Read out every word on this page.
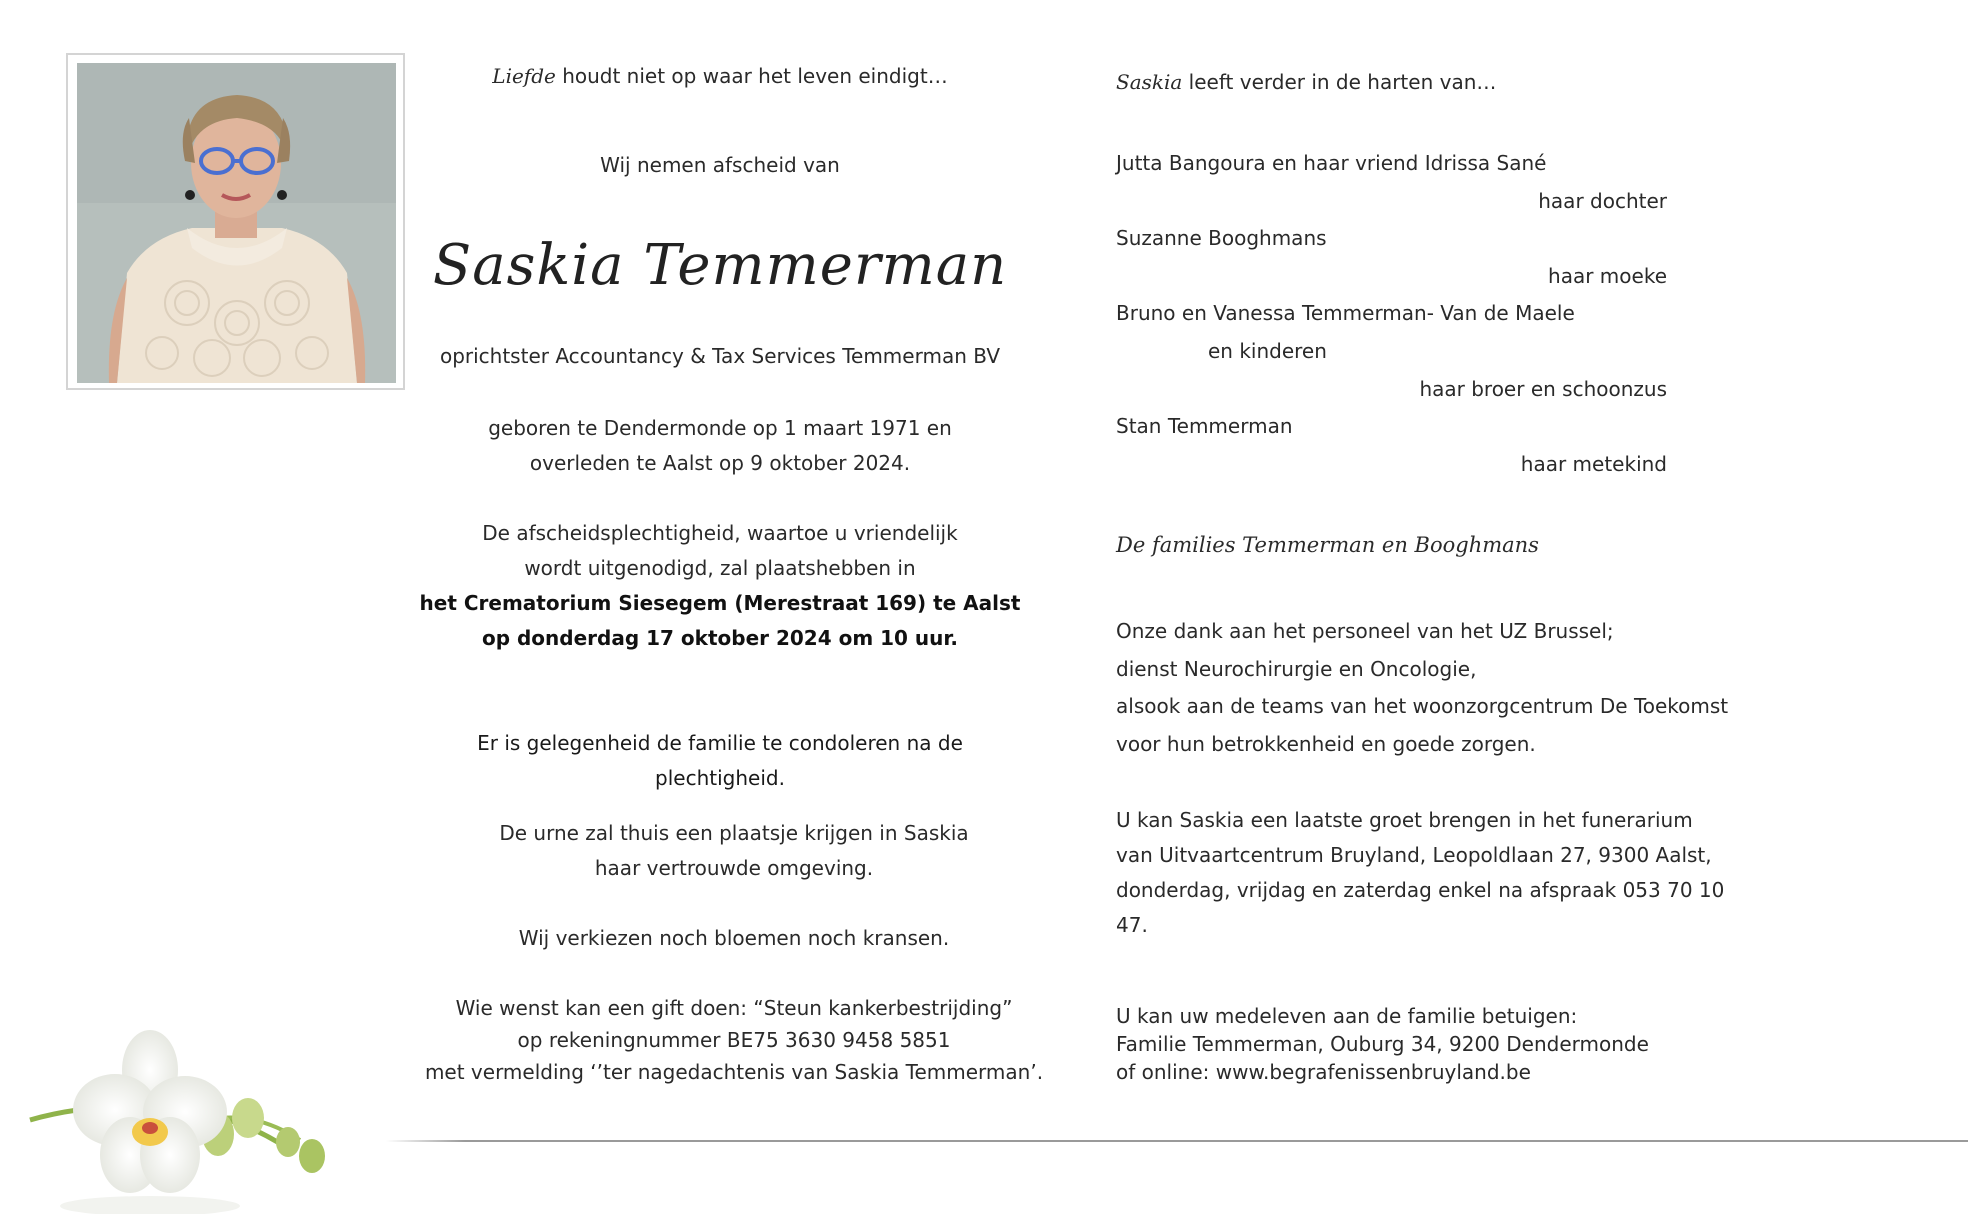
Liefde houdt niet op waar het leven eindigt…
Wij nemen afscheid van
Saskia Temmerman
oprichtster Accountancy & Tax Services Temmerman BV
geboren te Dendermonde op 1 maart 1971 en
overleden te Aalst op 9 oktober 2024.
De afscheidsplechtigheid, waartoe u vriendelijk
wordt uitgenodigd, zal plaatshebben in
het Crematorium Siesegem (Merestraat 169) te Aalst
op donderdag 17 oktober 2024 om 10 uur.
Er is gelegenheid de familie te condoleren na de plechtigheid.
De urne zal thuis een plaatsje krijgen in Saskia
haar vertrouwde omgeving.
Wij verkiezen noch bloemen noch kransen.
Wie wenst kan een gift doen: “Steun kankerbestrijding”
op rekeningnummer BE75 3630 9458 5851
met vermelding ‘’ter nagedachtenis van Saskia Temmerman’.
Saskia leeft verder in de harten van…
Jutta Bangoura en haar vriend Idrissa Sané
haar dochter
Suzanne Booghmans
haar moeke
Bruno en Vanessa Temmerman- Van de Maele
en kinderen
haar broer en schoonzus
Stan Temmerman
haar metekind
De families Temmerman en Booghmans
Onze dank aan het personeel van het UZ Brussel;
dienst Neurochirurgie en Oncologie,
alsook aan de teams van het woonzorgcentrum De Toekomst
voor hun betrokkenheid en goede zorgen.
U kan Saskia een laatste groet brengen in het funerarium
van Uitvaartcentrum Bruyland, Leopoldlaan 27, 9300 Aalst,
donderdag, vrijdag en zaterdag enkel na afspraak 053 70 10 47.
U kan uw medeleven aan de familie betuigen:
Familie Temmerman, Ouburg 34, 9200 Dendermonde
of online: www.begrafenissenbruyland.be
